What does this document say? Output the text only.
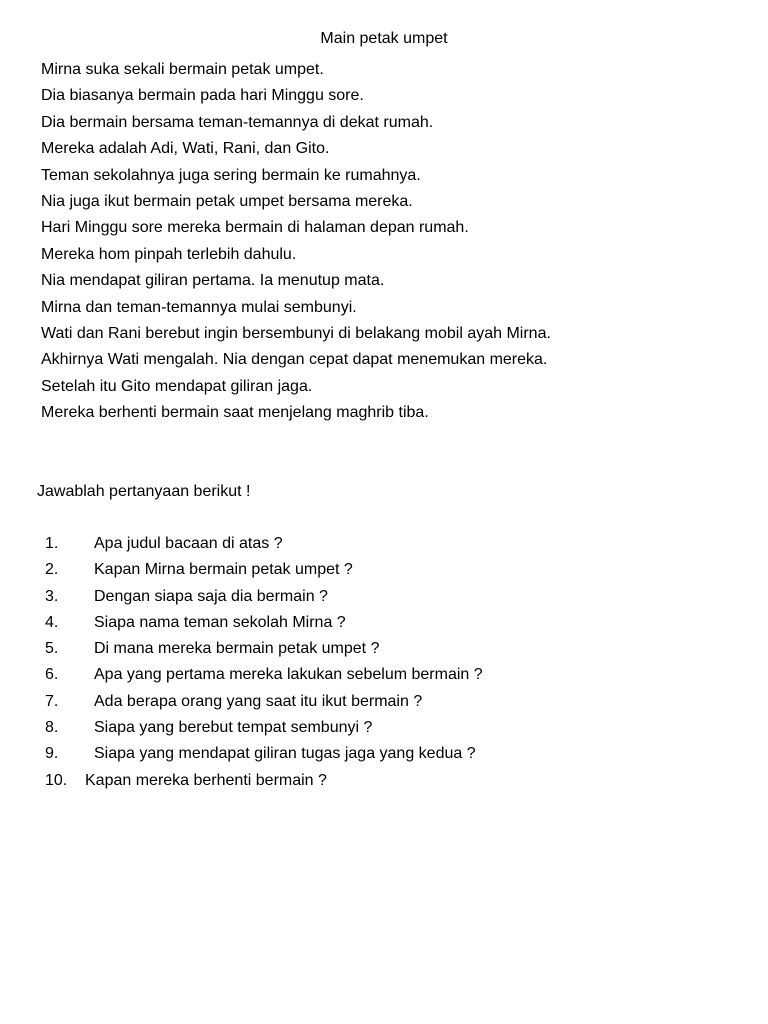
Main petak umpet
Mirna suka sekali bermain petak umpet.
Dia biasanya bermain pada hari Minggu sore.
Dia bermain bersama teman-temannya di dekat rumah.
Mereka adalah Adi, Wati, Rani, dan Gito.
Teman sekolahnya juga sering bermain ke rumahnya.
Nia juga ikut bermain petak umpet bersama mereka.
Hari Minggu sore mereka bermain di halaman depan rumah.
Mereka hom pinpah terlebih dahulu.
Nia mendapat giliran pertama. Ia menutup mata.
Mirna dan teman-temannya mulai sembunyi.
Wati dan Rani berebut ingin bersembunyi di belakang mobil ayah Mirna.
Akhirnya Wati mengalah. Nia dengan cepat dapat menemukan mereka.
Setelah itu Gito mendapat giliran jaga.
Mereka berhenti bermain saat menjelang maghrib tiba.

Jawablah pertanyaan berikut !

1. Apa judul bacaan di atas ?
2. Kapan Mirna bermain petak umpet ?
3. Dengan siapa saja dia bermain ?
4. Siapa nama teman sekolah Mirna ?
5. Di mana mereka bermain petak umpet ?
6. Apa yang pertama mereka lakukan sebelum bermain ?
7. Ada berapa orang yang saat itu ikut bermain ?
8. Siapa yang berebut tempat sembunyi ?
9. Siapa yang mendapat giliran tugas jaga yang kedua ?
10. Kapan mereka berhenti bermain ?
